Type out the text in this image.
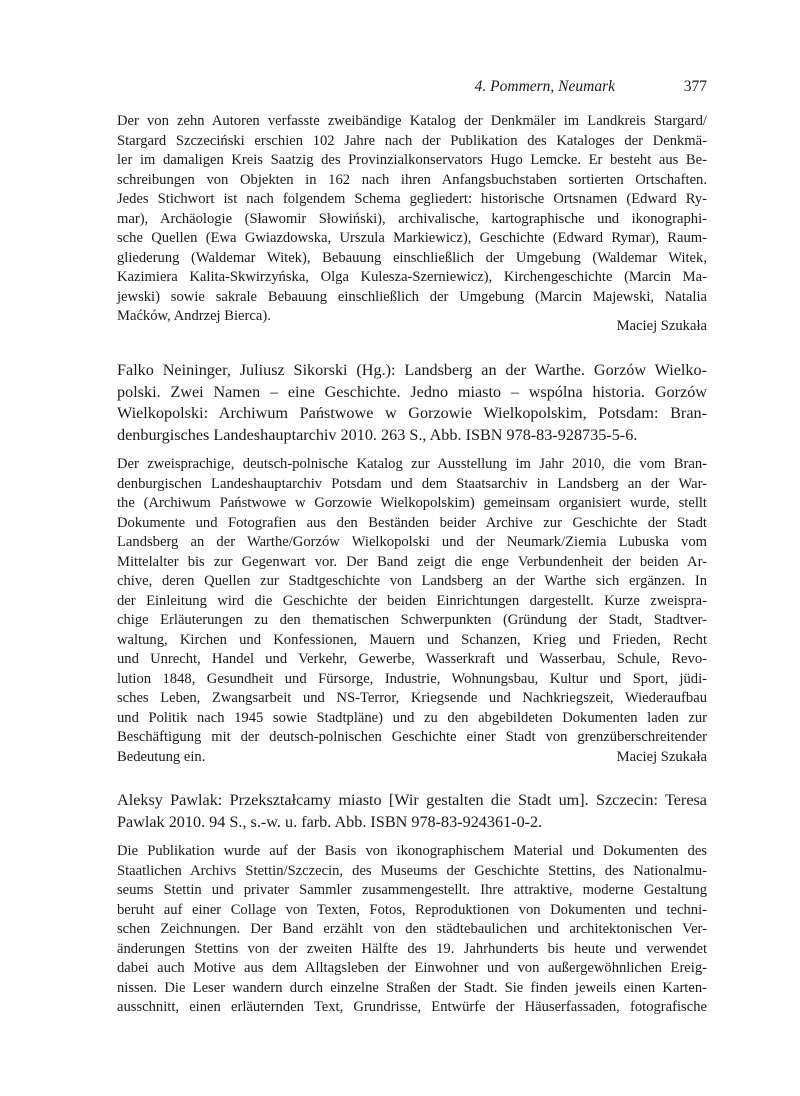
4. Pommern, Neumark	377

Der von zehn Autoren verfasste zweibändige Katalog der Denkmäler im Landkreis Stargard/
Stargard Szczeciński erschien 102 Jahre nach der Publikation des Kataloges der Denkmä-
ler im damaligen Kreis Saatzig des Provinzialkonservators Hugo Lemcke. Er besteht aus Be-
schreibungen von Objekten in 162 nach ihren Anfangsbuchstaben sortierten Ortschaften.
Jedes Stichwort ist nach folgendem Schema gegliedert: historische Ortsnamen (Edward Ry-
mar), Archäologie (Sławomir Słowiński), archivalische, kartographische und ikonographi-
sche Quellen (Ewa Gwiazdowska, Urszula Markiewicz), Geschichte (Edward Rymar), Raum-
gliederung (Waldemar Witek), Bebauung einschließlich der Umgebung (Waldemar Witek,
Kazimiera Kalita-Skwirzyńska, Olga Kulesza-Szerniewicz), Kirchengeschichte (Marcin Ma-
jewski) sowie sakrale Bebauung einschließlich der Umgebung (Marcin Majewski, Natalia
Maćków, Andrzej Bierca).

Maciej Szukała

Falko Neininger, Juliusz Sikorski (Hg.): Landsberg an der Warthe. Gorzów Wielko-
polski. Zwei Namen – eine Geschichte. Jedno miasto – wspólna historia. Gorzów
Wielkopolski: Archiwum Państwowe w Gorzowie Wielkopolskim, Potsdam: Bran-
denburgisches Landeshauptarchiv 2010. 263 S., Abb. ISBN 978-83-928735-5-6.

Der zweisprachige, deutsch-polnische Katalog zur Ausstellung im Jahr 2010, die vom Bran-
denburgischen Landeshauptarchiv Potsdam und dem Staatsarchiv in Landsberg an der War-
the (Archiwum Państwowe w Gorzowie Wielkopolskim) gemeinsam organisiert wurde, stellt
Dokumente und Fotografien aus den Beständen beider Archive zur Geschichte der Stadt
Landsberg an der Warthe/Gorzów Wielkopolski und der Neumark/Ziemia Lubuska vom
Mittelalter bis zur Gegenwart vor. Der Band zeigt die enge Verbundenheit der beiden Ar-
chive, deren Quellen zur Stadtgeschichte von Landsberg an der Warthe sich ergänzen. In
der Einleitung wird die Geschichte der beiden Einrichtungen dargestellt. Kurze zweispra-
chige Erläuterungen zu den thematischen Schwerpunkten (Gründung der Stadt, Stadtver-
waltung, Kirchen und Konfessionen, Mauern und Schanzen, Krieg und Frieden, Recht
und Unrecht, Handel und Verkehr, Gewerbe, Wasserkraft und Wasserbau, Schule, Revo-
lution 1848, Gesundheit und Fürsorge, Industrie, Wohnungsbau, Kultur und Sport, jüdi-
sches Leben, Zwangsarbeit und NS-Terror, Kriegsende und Nachkriegszeit, Wiederaufbau
und Politik nach 1945 sowie Stadtpläne) und zu den abgebildeten Dokumenten laden zur
Beschäftigung mit der deutsch-polnischen Geschichte einer Stadt von grenzüberschreitender
Bedeutung ein.	Maciej Szukała

Aleksy Pawlak: Przekształcamy miasto [Wir gestalten die Stadt um]. Szczecin: Teresa
Pawlak 2010. 94 S., s.-w. u. farb. Abb. ISBN 978-83-924361-0-2.

Die Publikation wurde auf der Basis von ikonographischem Material und Dokumenten des
Staatlichen Archivs Stettin/Szczecin, des Museums der Geschichte Stettins, des Nationalmu-
seums Stettin und privater Sammler zusammengestellt. Ihre attraktive, moderne Gestaltung
beruht auf einer Collage von Texten, Fotos, Reproduktionen von Dokumenten und techni-
schen Zeichnungen. Der Band erzählt von den städtebaulichen und architektonischen Ver-
änderungen Stettins von der zweiten Hälfte des 19. Jahrhunderts bis heute und verwendet
dabei auch Motive aus dem Alltagsleben der Einwohner und von außergewöhnlichen Ereig-
nissen. Die Leser wandern durch einzelne Straßen der Stadt. Sie finden jeweils einen Karten-
ausschnitt, einen erläuternden Text, Grundrisse, Entwürfe der Häuserfassaden, fotografische
